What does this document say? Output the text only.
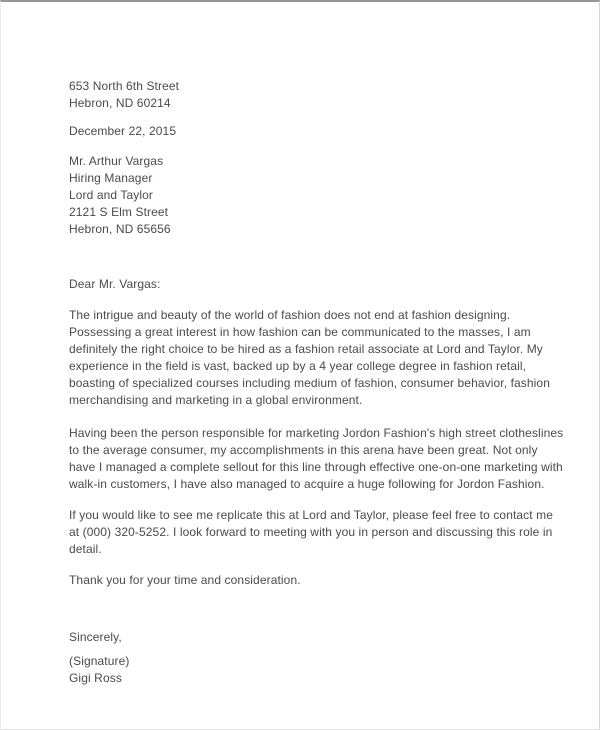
653 North 6th Street
Hebron, ND 60214
December 22, 2015
Mr. Arthur Vargas
Hiring Manager
Lord and Taylor
2121 S Elm Street
Hebron, ND 65656
Dear Mr. Vargas:
The intrigue and beauty of the world of fashion does not end at fashion designing. Possessing a great interest in how fashion can be communicated to the masses, I am definitely the right choice to be hired as a fashion retail associate at Lord and Taylor. My experience in the field is vast, backed up by a 4 year college degree in fashion retail, boasting of specialized courses including medium of fashion, consumer behavior, fashion merchandising and marketing in a global environment.
Having been the person responsible for marketing Jordon Fashion's high street clotheslines to the average consumer, my accomplishments in this arena have been great. Not only have I managed a complete sellout for this line through effective one-on-one marketing with walk-in customers, I have also managed to acquire a huge following for Jordon Fashion.
If you would like to see me replicate this at Lord and Taylor, please feel free to contact me at (000) 320-5252. I look forward to meeting with you in person and discussing this role in detail.
Thank you for your time and consideration.
Sincerely,
(Signature)
Gigi Ross
